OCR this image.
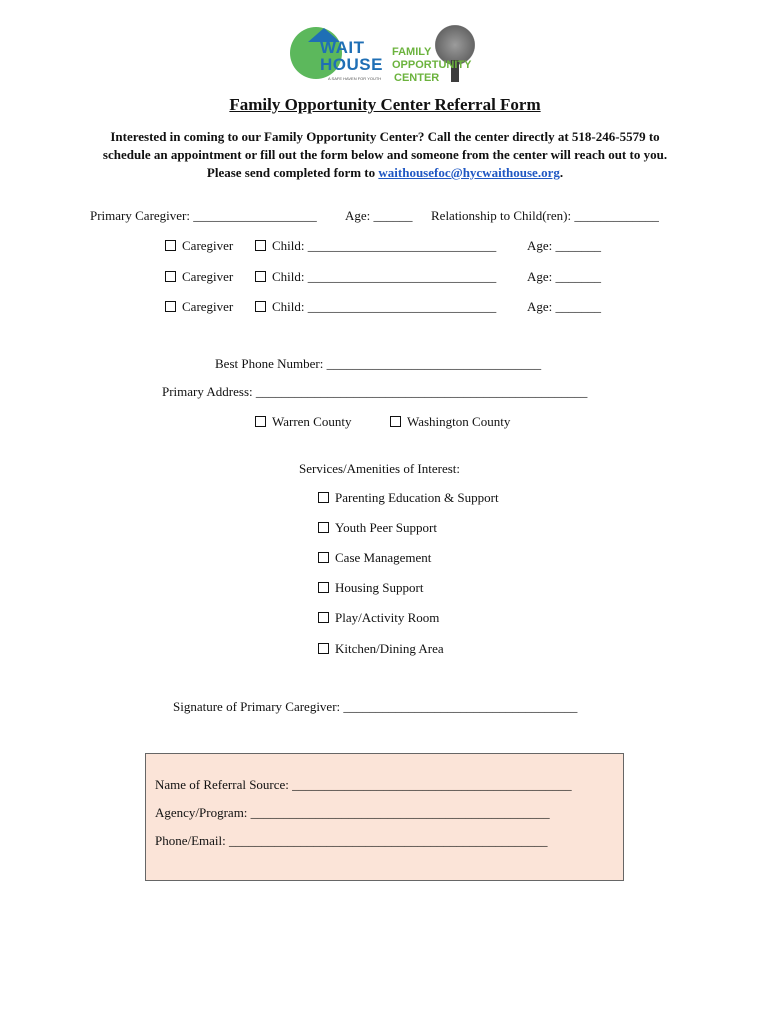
WAIT
HOUSE
A SAFE HAVEN FOR YOUTH
FAMILY
OPPORTUNITY
CENTER
Family Opportunity Center Referral Form
Interested in coming to our Family Opportunity Center? Call the center directly at 518-246-5579 to schedule an appointment or fill out the form below and someone from the center will reach out to you. Please send completed form to waithousefoc@hycwaithouse.org.
Primary Caregiver: ___________________ Age: ______ Relationship to Child(ren): _____________
Caregiver	Child: _____________________________ Age: _______
Caregiver	Child: _____________________________ Age: _______
Caregiver	Child: _____________________________ Age: _______
Best Phone Number: _________________________________
Primary Address: ___________________________________________________
Warren County	Washington County
Services/Amenities of Interest:
Parenting Education & Support
Youth Peer Support
Case Management
Housing Support
Play/Activity Room
Kitchen/Dining Area
Signature of Primary Caregiver: ____________________________________
Name of Referral Source: ___________________________________________
Agency/Program: ______________________________________________
Phone/Email: _________________________________________________
